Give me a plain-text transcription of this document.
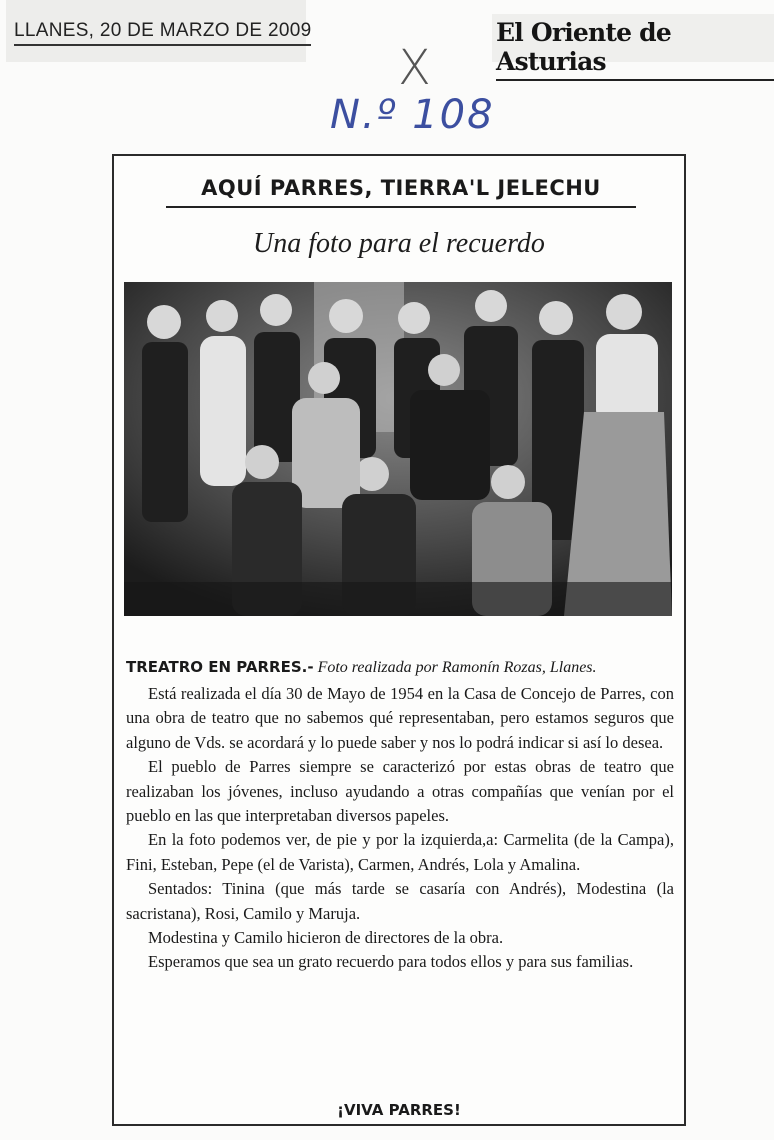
LLANES, 20 DE MARZO DE 2009	El Oriente de Asturias
X
N.º 108
AQUÍ PARRES, TIERRA'L JELECHU
Una foto para el recuerdo
TREATRO EN PARRES.- Foto realizada por Ramonín Rozas, Llanes.

Está realizada el día 30 de Mayo de 1954 en la Casa de Concejo de Parres, con una obra de teatro que no sabemos qué representaban, pero estamos seguros que alguno de Vds. se acordará y lo puede saber y nos lo podrá indicar si así lo desea.

El pueblo de Parres siempre se caracterizó por estas obras de teatro que realizaban los jóvenes, incluso ayudando a otras compañías que venían por el pueblo en las que interpretaban diversos papeles.

En la foto podemos ver, de pie y por la izquierda,a: Carmelita (de la Campa), Fini, Esteban, Pepe (el de Varista), Carmen, Andrés, Lola y Amalina.

Sentados: Tinina (que más tarde se casaría con Andrés), Modestina (la sacristana), Rosi, Camilo y Maruja.

Modestina y Camilo hicieron de directores de la obra.

Esperamos que sea un grato recuerdo para todos ellos y para sus familias.

¡VIVA PARRES!
